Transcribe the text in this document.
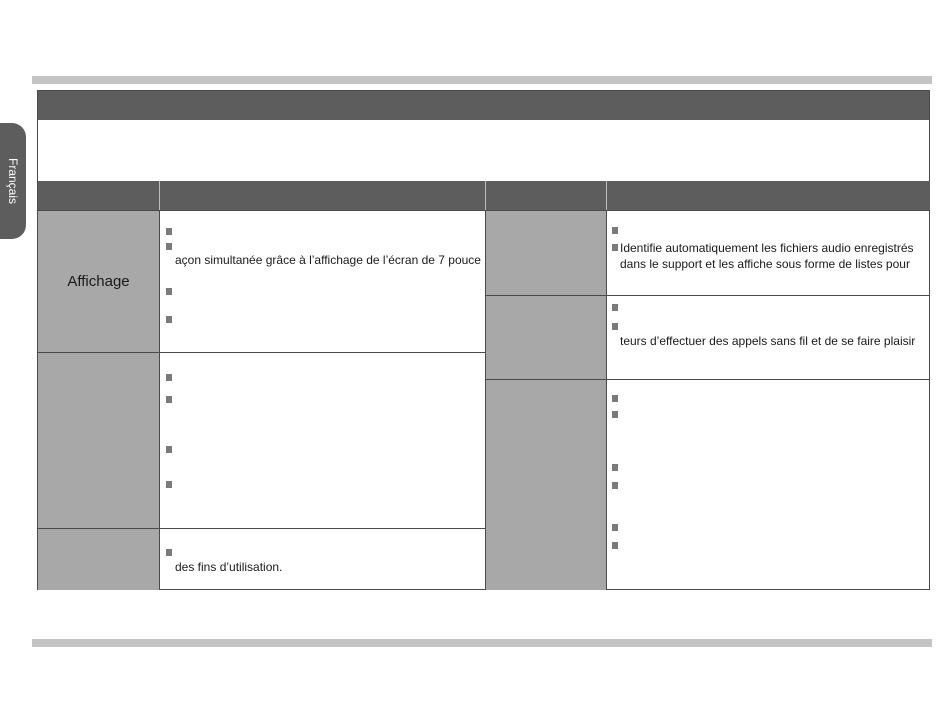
Français
Affichage
açon simultanée grâce à l’affichage de l’écran de 7 pouce
des fins d’utilisation.
Identifie automatiquement les fichiers audio enregistrés
dans le support et les affiche sous forme de listes pour
teurs d’effectuer des appels sans fil et de se faire plaisir
